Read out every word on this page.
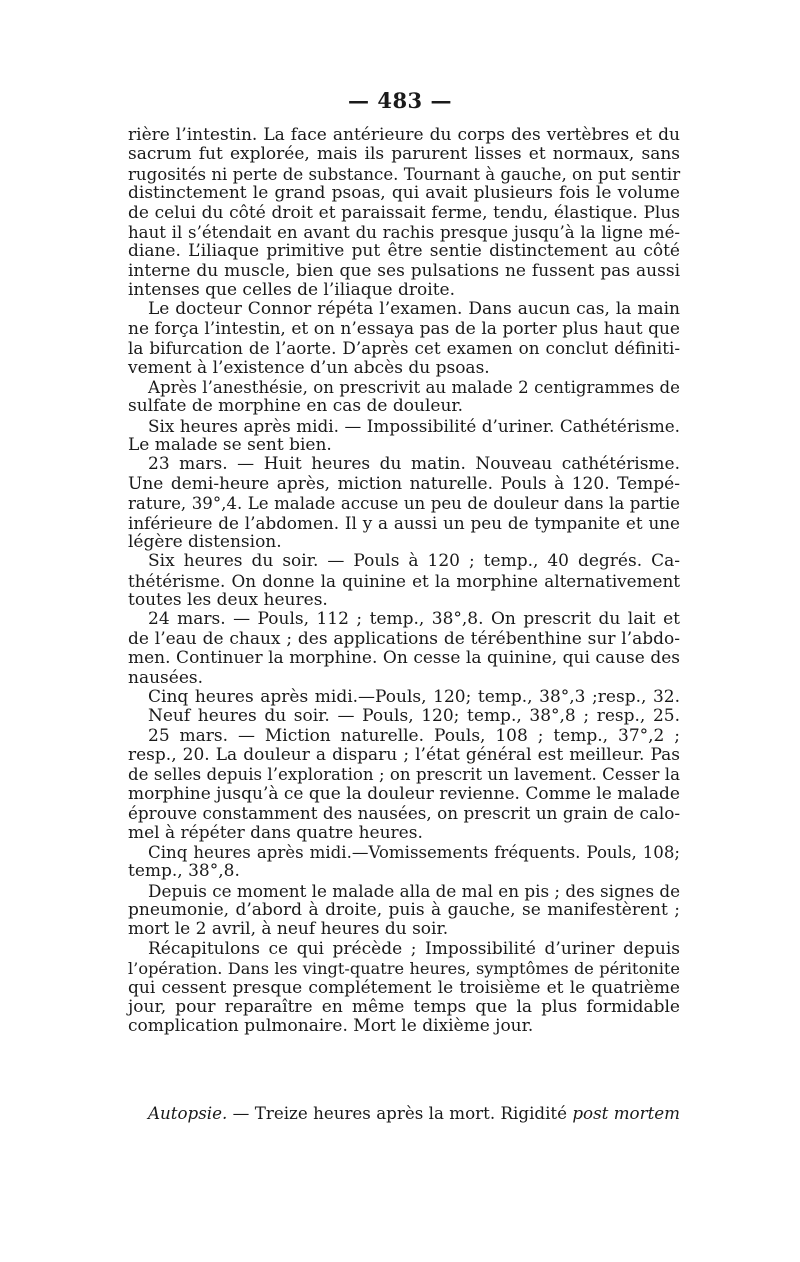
— 483 —
rière l’intestin. La face antérieure du corps des vertèbres et du
sacrum fut explorée, mais ils parurent lisses et normaux, sans
rugosités ni perte de substance. Tournant à gauche, on put sentir
distinctement le grand psoas, qui avait plusieurs fois le volume
de celui du côté droit et paraissait ferme, tendu, élastique. Plus
haut il s’étendait en avant du rachis presque jusqu’à la ligne mé-
diane. L’iliaque primitive put être sentie distinctement au côté
interne du muscle, bien que ses pulsations ne fussent pas aussi
intenses que celles de l’iliaque droite.
Le docteur Connor répéta l’examen. Dans aucun cas, la main
ne força l’intestin, et on n’essaya pas de la porter plus haut que
la bifurcation de l’aorte. D’après cet examen on conclut définiti-
vement à l’existence d’un abcès du psoas.
Après l’anesthésie, on prescrivit au malade 2 centigrammes de
sulfate de morphine en cas de douleur.
Six heures après midi. — Impossibilité d’uriner. Cathétérisme.
Le malade se sent bien.
23 mars. — Huit heures du matin. Nouveau cathétérisme.
Une demi-heure après, miction naturelle. Pouls à 120. Tempé-
rature, 39°,4. Le malade accuse un peu de douleur dans la partie
inférieure de l’abdomen. Il y a aussi un peu de tympanite et une
légère distension.
Six heures du soir. — Pouls à 120 ; temp., 40 degrés. Ca-
thétérisme. On donne la quinine et la morphine alternativement
toutes les deux heures.
24 mars. — Pouls, 112 ; temp., 38°,8. On prescrit du lait et
de l’eau de chaux ; des applications de térébenthine sur l’abdo-
men. Continuer la morphine. On cesse la quinine, qui cause des
nausées.
Cinq heures après midi.—Pouls, 120; temp., 38°,3 ;resp., 32.
Neuf heures du soir. — Pouls, 120; temp., 38°,8 ; resp., 25.
25 mars. — Miction naturelle. Pouls, 108 ; temp., 37°,2 ;
resp., 20. La douleur a disparu ; l’état général est meilleur. Pas
de selles depuis l’exploration ; on prescrit un lavement. Cesser la
morphine jusqu’à ce que la douleur revienne. Comme le malade
éprouve constamment des nausées, on prescrit un grain de calo-
mel à répéter dans quatre heures.
Cinq heures après midi.—Vomissements fréquents. Pouls, 108;
temp., 38°,8.
Depuis ce moment le malade alla de mal en pis ; des signes de
pneumonie, d’abord à droite, puis à gauche, se manifestèrent ;
mort le 2 avril, à neuf heures du soir.
Récapitulons ce qui précède ; Impossibilité d’uriner depuis
l’opération. Dans les vingt-quatre heures, symptômes de péritonite
qui cessent presque complétement le troisième et le quatrième
jour, pour reparaître en même temps que la plus formidable
complication pulmonaire. Mort le dixième jour.
Autopsie. — Treize heures après la mort. Rigidité post mortem
